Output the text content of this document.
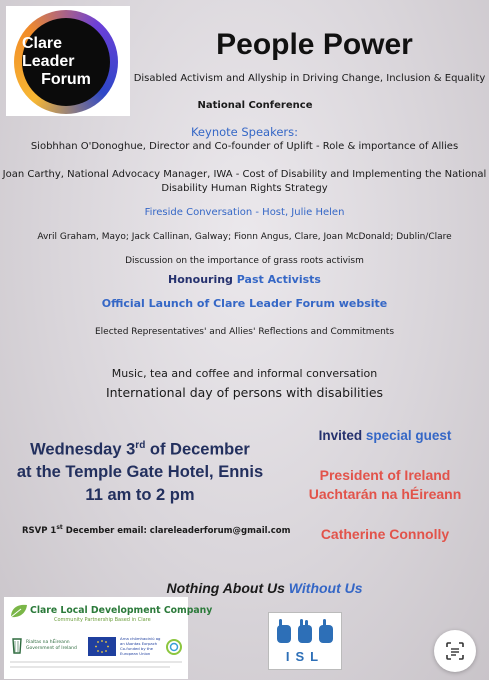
Clare Leader
Forum
People Power
Disabled Activism and Allyship in Driving Change, Inclusion & Equality
National Conference
Keynote Speakers:
Siobhhan O'Donoghue, Director and Co-founder of Uplift - Role & importance of Allies
Joan Carthy, National Advocacy Manager, IWA - Cost of Disability and Implementing the National
Disability Human Rights Strategy
Fireside Conversation - Host, Julie Helen
Avril Graham, Mayo; Jack Callinan, Galway; Fionn Angus, Clare, Joan McDonald; Dublin/Clare
Discussion on the importance of grass roots activism
Honouring Past Activists
Official Launch of Clare Leader Forum website
Elected Representatives' and Allies' Reflections and Commitments
Music, tea and coffee and informal conversation
International day of persons with disabilities
Wednesday 3rd of December
at the Temple Gate Hotel, Ennis
11 am to 2 pm
RSVP 1st December email: clareleaderforum@gmail.com
Invited special guest
President of Ireland
Uachtarán na hÉireann
Catherine Connolly
Nothing About Us Without Us
Clare Local Development Company
Community Partnership Based in Clare
Rialtas na hÉireann
Government of Ireland
Arna chómhaoiniú ag
an tAontas Eorpach
Co-funded by the
European Union	ISL
